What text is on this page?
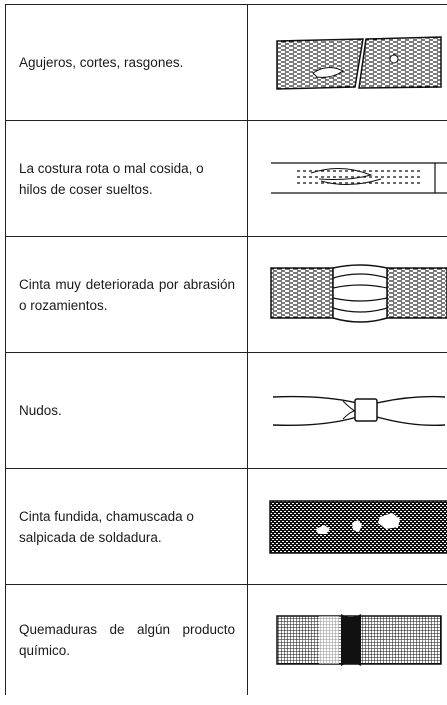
Agujeros, cortes, rasgones.

La costura rota o mal cosida, o hilos de coser sueltos.

Cinta muy deteriorada por abrasión o rozamientos.

Nudos.

Cinta fundida, chamuscada o salpicada de soldadura.

Quemaduras de algún producto químico.
